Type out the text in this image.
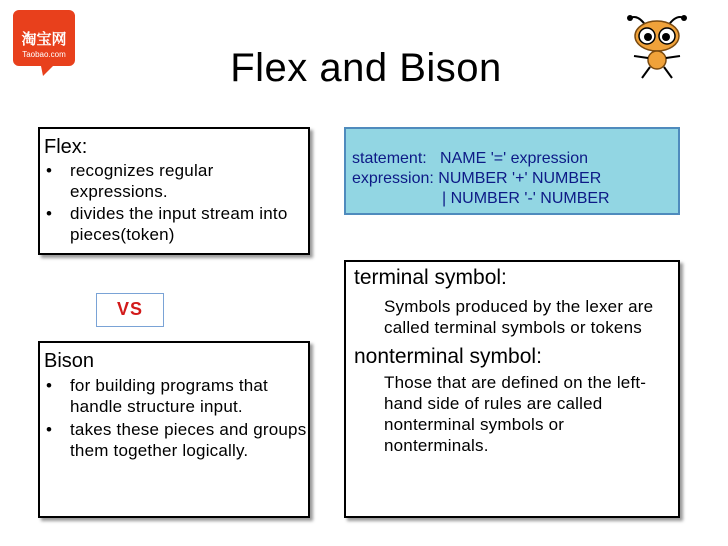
淘宝网
Taobao.com	Flex and Bison
Flex:
• recognizes regular expressions.
• divides the input stream into pieces(token)
VS
Bison
• for building programs that handle structure input.
• takes these pieces and groups them together logically.
statement:   NAME '=' expression
expression: NUMBER '+' NUMBER
| NUMBER '-' NUMBER
terminal symbol:
Symbols produced by the lexer are called terminal symbols or tokens
nonterminal symbol:
Those that are defined on the left-hand side of rules are called nonterminal symbols or nonterminals.
